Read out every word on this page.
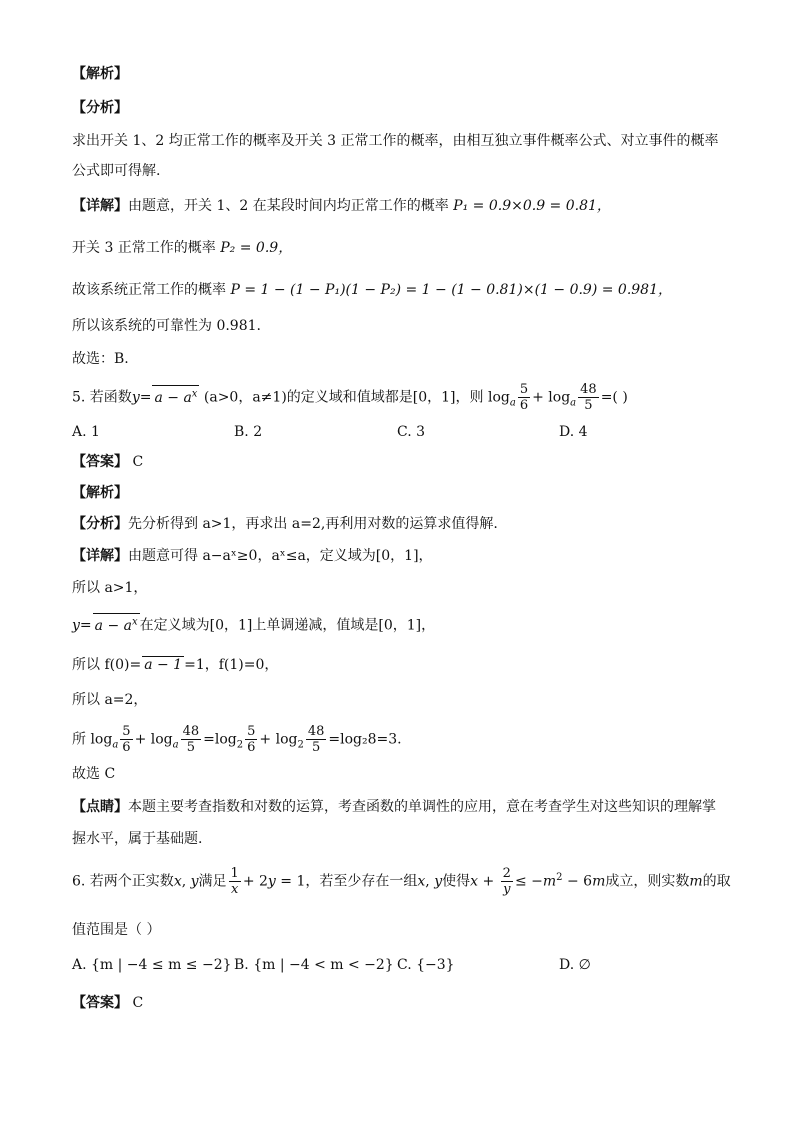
【解析】
【分析】
求出开关 1、2 均正常工作的概率及开关 3 正常工作的概率，由相互独立事件概率公式、对立事件的概率
公式即可得解.
【详解】由题意，开关 1、2 在某段时间内均正常工作的概率 P₁ = 0.9×0.9 = 0.81，
开关 3 正常工作的概率 P₂ = 0.9，
故该系统正常工作的概率 P = 1 − (1 − P₁)(1 − P₂) = 1 − (1 − 0.81)×(1 − 0.9) = 0.981，
所以该系统的可靠性为 0.981.
故选：B.
5. 若函数$y= a - a^x$ (a>0，a≠1)的定义域和值域都是[0，1]，则 $\log_a \frac{5}{6} + \log_a \frac{48}{5}$ =( )
A. 1	B. 2	C. 3	D. 4
【答案】 C
【解析】
【分析】先分析得到 a>1，再求出 a=2,再利用对数的运算求值得解.
【详解】由题意可得 a−aˣ≥0，aˣ≤a，定义域为[0，1]，
所以 a>1，
$y= a - a^x$ 在定义域为[0，1]上单调递减，值域是[0，1]，
所以 f(0)= a − 1 =1，f(1)=0，
所以 a=2，
所 $\log_a \frac{5}{6} + \log_a \frac{48}{5} =\log_2 \frac{5}{6} + \log_2 \frac{48}{5} =\log_28=3$.
故选 C
【点睛】本题主要考查指数和对数的运算，考查函数的单调性的应用，意在考查学生对这些知识的理解掌
握水平，属于基础题.
6. 若两个正实数x, y满足 $\frac{1}{x} + 2y = 1$，若至少存在一组x, y使得$x + \frac{2}{y} \le -m^2 - 6m$成立，则实数m的取
值范围是（ ）
A. {m | −4 ≤ m ≤ −2} B. {m | −4 < m < −2} C. {−3}	D. ∅
【答案】 C
